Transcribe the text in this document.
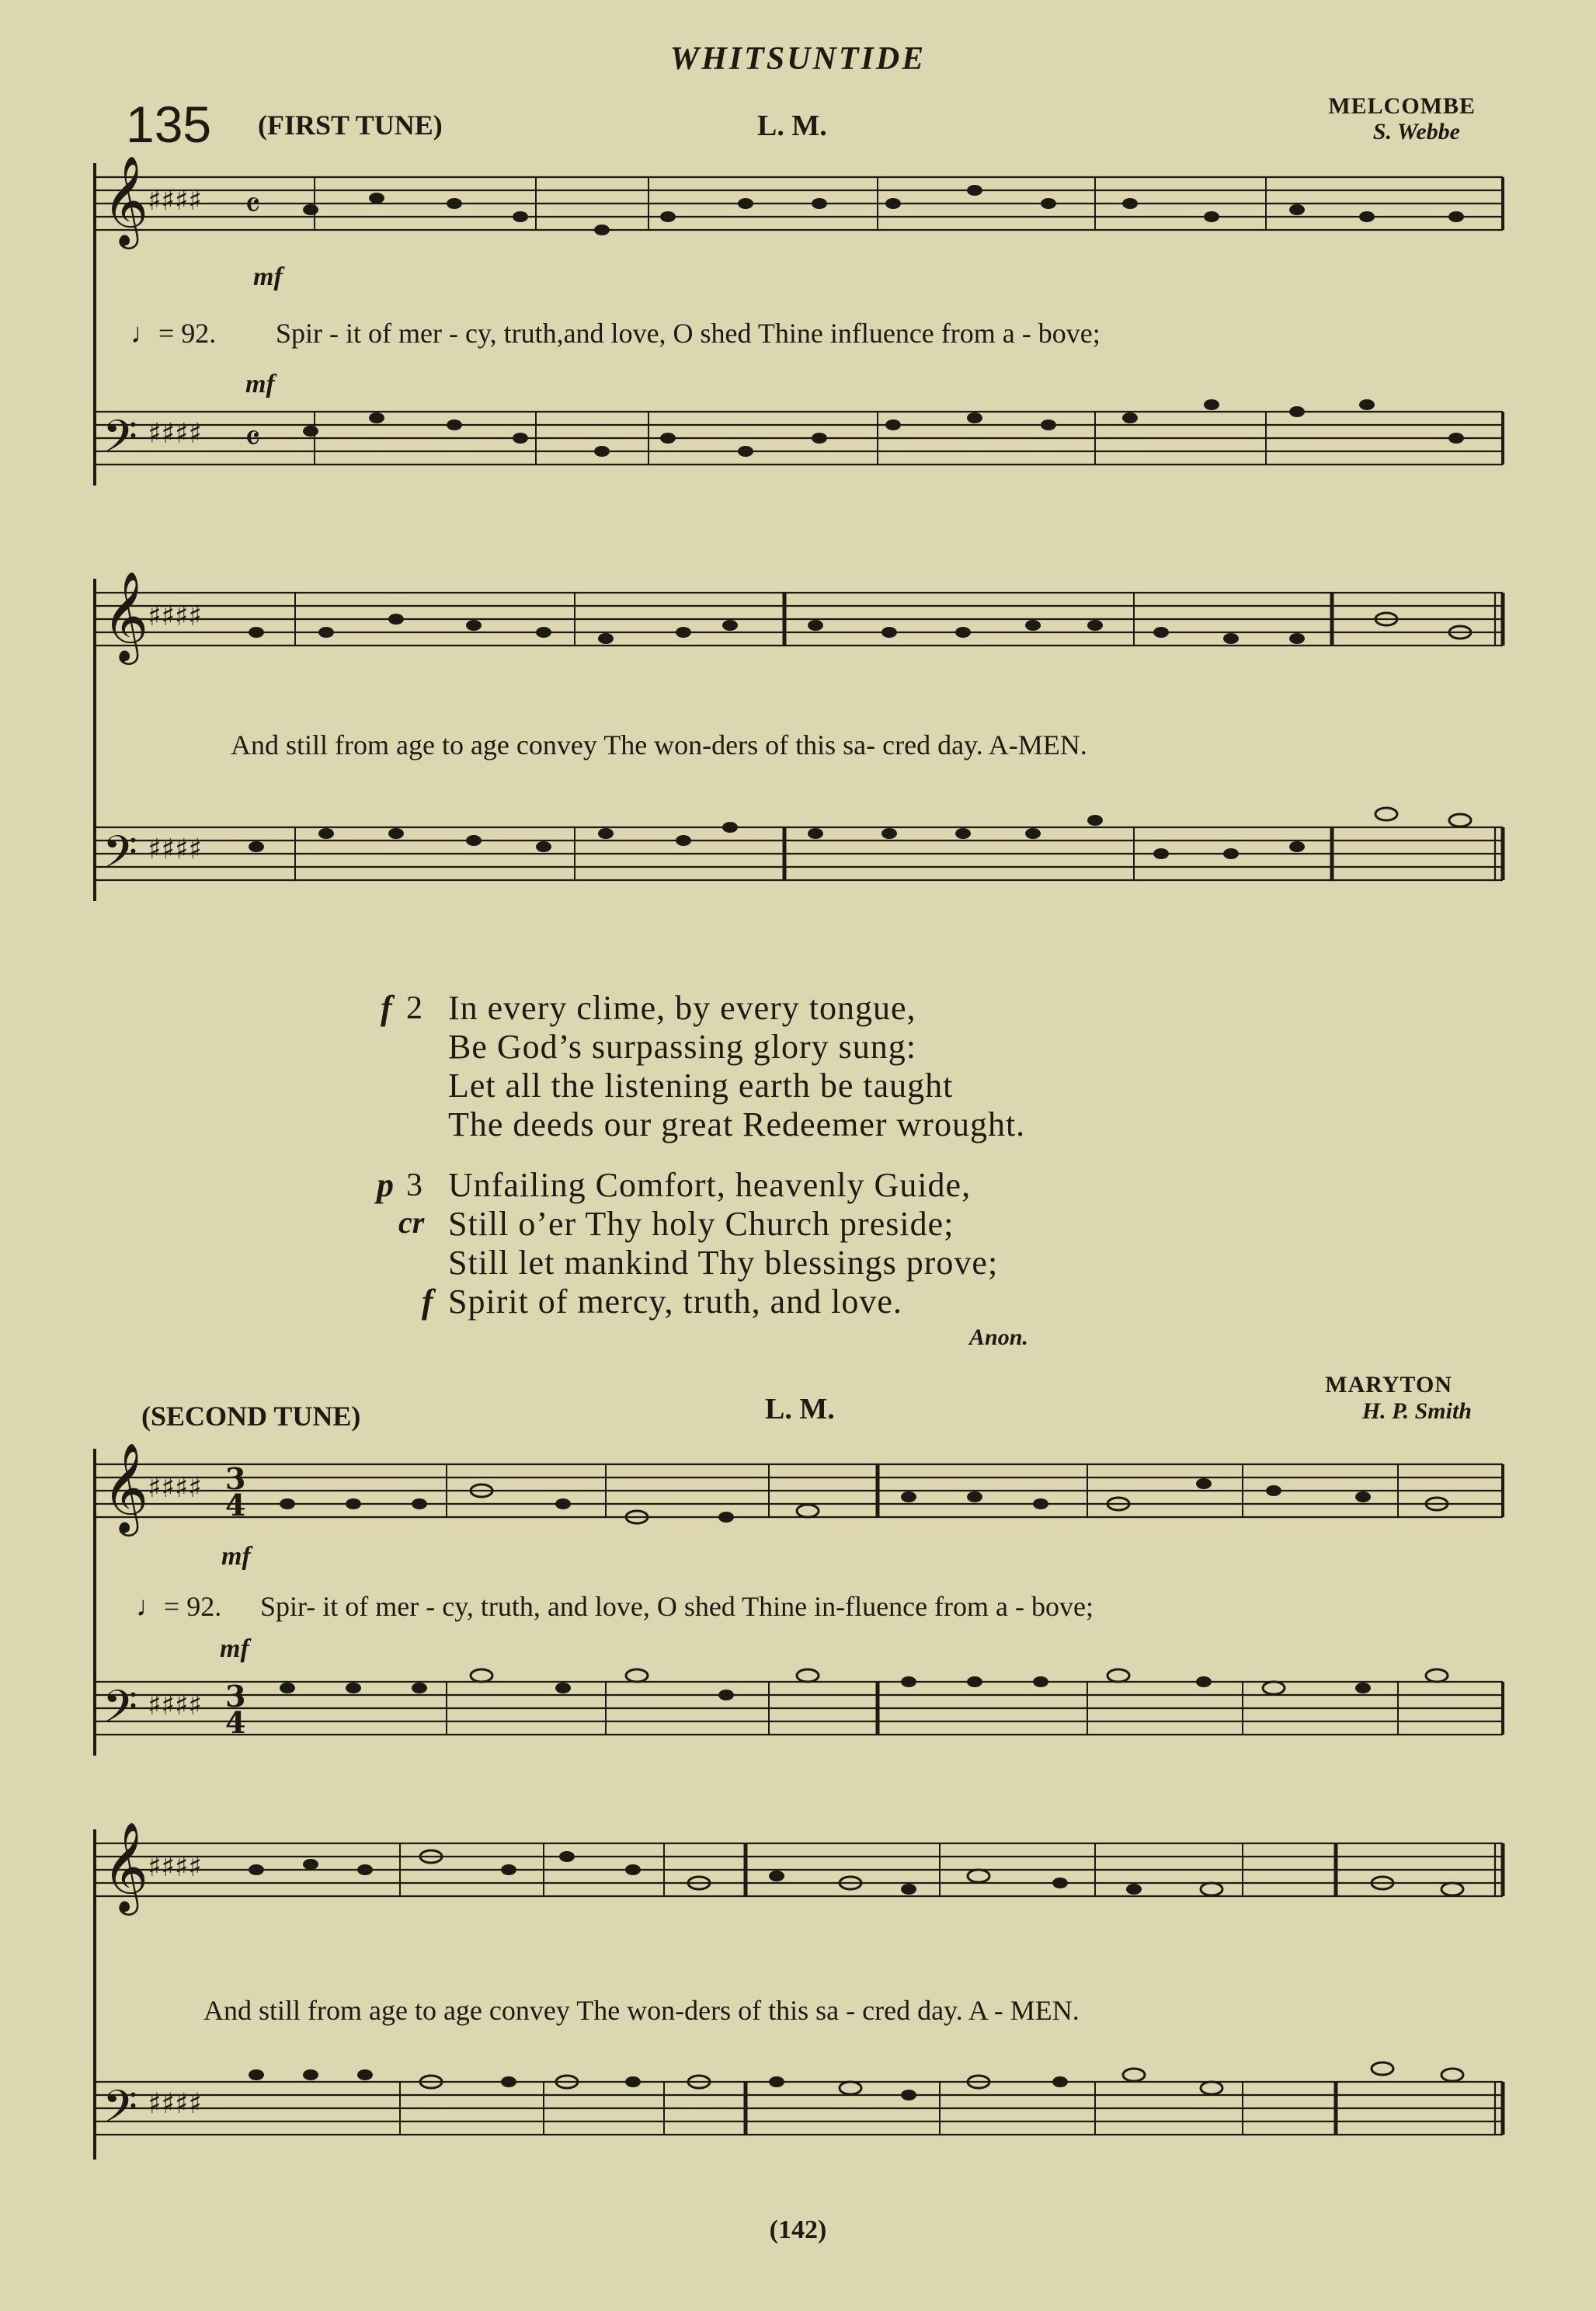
WHITSUNTIDE
135 (FIRST TUNE)	L. M.
MELCOMBE
S. Webbe
𝄞
𝄢
♯♯♯♯
♯♯♯♯
𝄴
𝄴
mf
♩= 92. Spir - it of mer - cy, truth,and love, O shed Thine influence from a - bove;
mf
𝄞
𝄢
♯♯♯♯
♯♯♯♯
And still from age to age convey The won-ders of this sa- cred day. A-MEN.
f 2 In every clime, by every tongue,
Be God’s surpassing glory sung:
Let all the listening earth be taught
The deeds our great Redeemer wrought.
p 3 Unfailing Comfort, heavenly Guide,
cr Still o’er Thy holy Church preside;
Still let mankind Thy blessings prove;
f Spirit of mercy, truth, and love.
Anon.
MARYTON
(SECOND TUNE)	L. M.	H. P. Smith
𝄞
𝄢
♯♯♯♯
♯♯♯♯
3
4
3
4
mf
♩= 92. Spir- it of mer - cy, truth, and love, O shed Thine in-fluence from a - bove;
mf
𝄞
𝄢
♯♯♯♯
♯♯♯♯
And still from age to age convey The won-ders of this sa - cred day. A - MEN.
(142)
